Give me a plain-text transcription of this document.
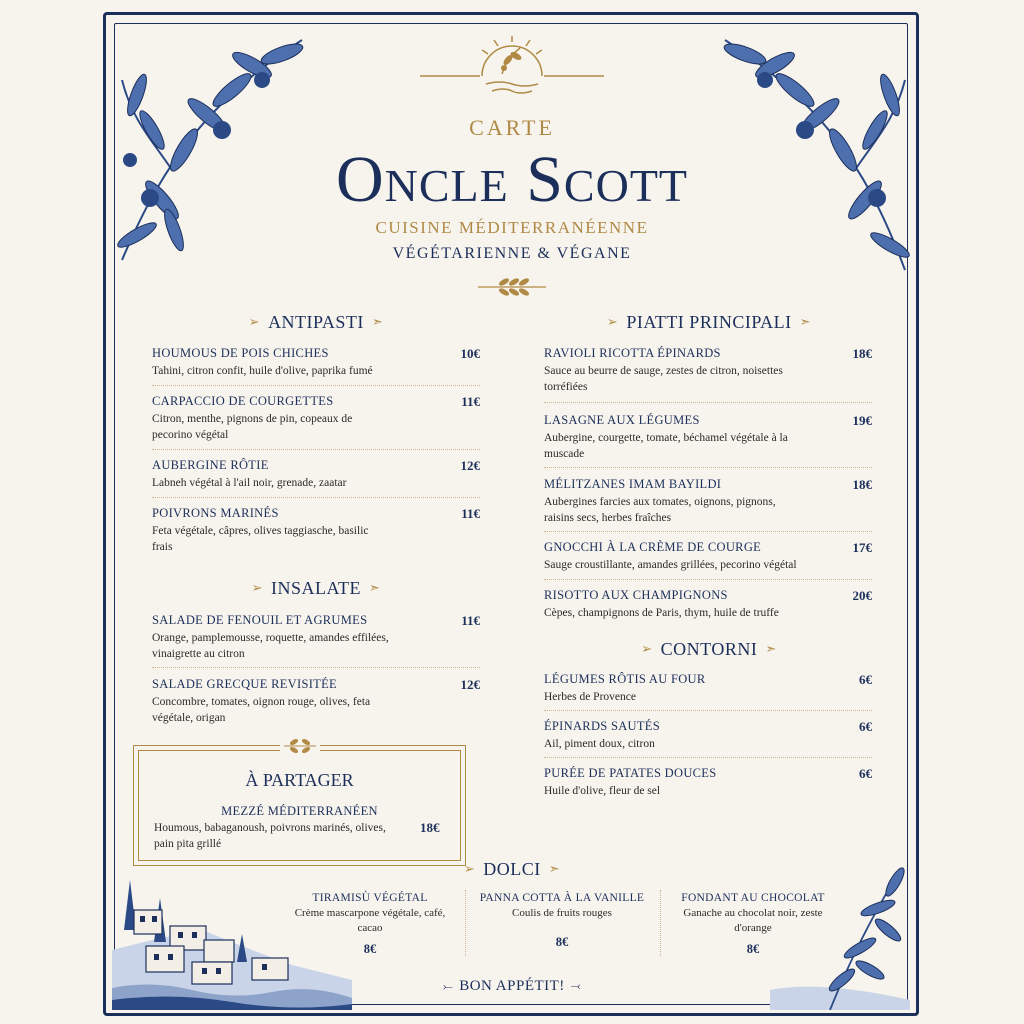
CARTE
Oncle Scott
CUISINE MÉDITERRANÉENNE
VÉGÉTARIENNE & VÉGANE
➢ ANTIPASTI ➣
HOUMOUS DE POIS CHICHES	10€
Tahini, citron confit, huile d'olive, paprika fumé
CARPACCIO DE COURGETTES	11€
Citron, menthe, pignons de pin, copeaux de pecorino végétal
AUBERGINE RÔTIE	12€
Labneh végétal à l'ail noir, grenade, zaatar
POIVRONS MARINÉS	11€
Feta végétale, câpres, olives taggiasche, basilic frais
➢ INSALATE ➣
SALADE DE FENOUIL ET AGRUMES	11€
Orange, pamplemousse, roquette, amandes effilées, vinaigrette au citron
SALADE GRECQUE REVISITÉE	12€
Concombre, tomates, oignon rouge, olives, feta végétale, origan
À PARTAGER
MEZZÉ MÉDITERRANÉEN
Houmous, babaganoush, poivrons marinés, olives, pain pita grillé
18€
➢ PIATTI PRINCIPALI ➣
RAVIOLI RICOTTA ÉPINARDS	18€
Sauce au beurre de sauge, zestes de citron, noisettes torréfiées
LASAGNE AUX LÉGUMES	19€
Aubergine, courgette, tomate, béchamel végétale à la muscade
MÉLITZANES IMAM BAYILDI	18€
Aubergines farcies aux tomates, oignons, pignons, raisins secs, herbes fraîches
GNOCCHI À LA CRÈME DE COURGE	17€
Sauge croustillante, amandes grillées, pecorino végétal
RISOTTO AUX CHAMPIGNONS	20€
Cèpes, champignons de Paris, thym, huile de truffe
➢ CONTORNI ➣
LÉGUMES RÔTIS AU FOUR	6€
Herbes de Provence
ÉPINARDS SAUTÉS	6€
Ail, piment doux, citron
PURÉE DE PATATES DOUCES	6€
Huile d'olive, fleur de sel
➢ DOLCI ➣
TIRAMISÙ VÉGÉTAL
Crème mascarpone végétale, café, cacao
8€
PANNA COTTA À LA VANILLE
Coulis de fruits rouges
8€
FONDANT AU CHOCOLAT
Ganache au chocolat noir, zeste d'orange
8€
⤚ BON APPÉTIT! ⤙
